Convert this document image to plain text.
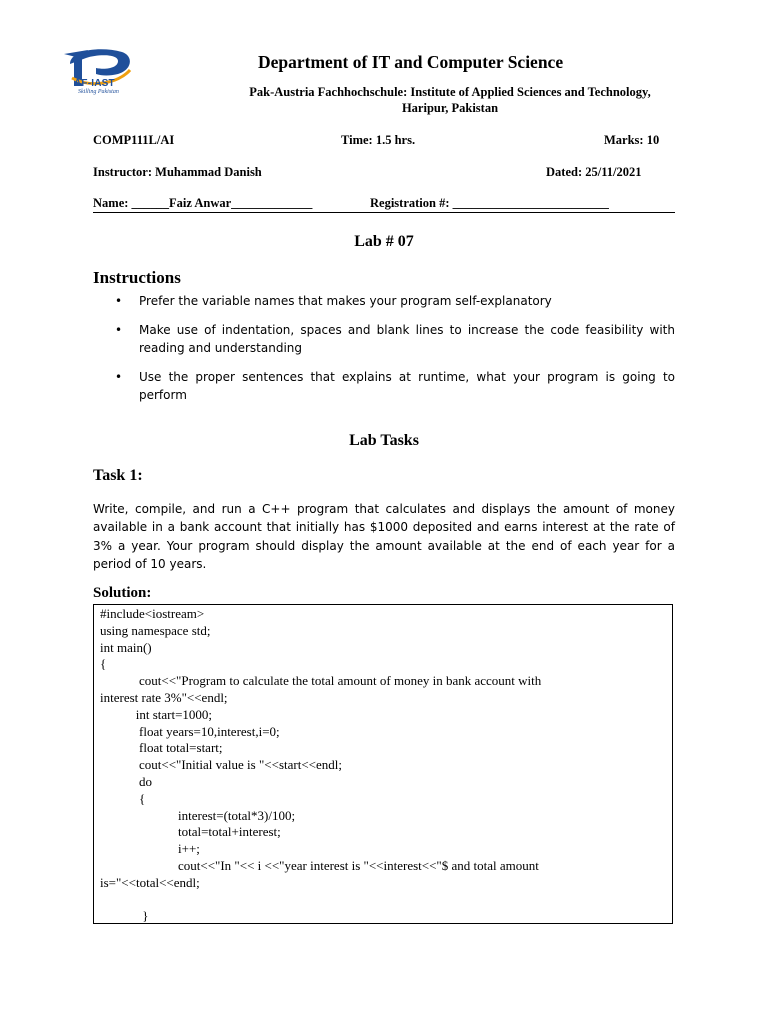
AF-IAST
Skilling Pakistan
Department of IT and Computer Science
Pak-Austria Fachhochschule: Institute of Applied Sciences and Technology,
Haripur, Pakistan
COMP111L/AI	Time: 1.5 hrs.	Marks: 10
Instructor: Muhammad Danish	Dated: 25/11/2021
Name: ______Faiz Anwar_____________	Registration #: _________________________
Lab # 07
Instructions
• Prefer the variable names that makes your program self-explanatory
• Make use of indentation, spaces and blank lines to increase the code feasibility with reading and understanding
• Use the proper sentences that explains at runtime, what your program is going to perform
Lab Tasks
Task 1:

Write, compile, and run a C++ program that calculates and displays the amount of money available in a bank account that initially has $1000 deposited and earns interest at the rate of 3% a year. Your program should display the amount available at the end of each year for a period of 10 years.

Solution:
#include<iostream>
using namespace std;
int main()
{
cout<<"Program to calculate the total amount of money in bank account with
interest rate 3%"<<endl;
int start=1000;
float years=10,interest,i=0;
float total=start;
cout<<"Initial value is "<<start<<endl;
do
{
interest=(total*3)/100;
total=total+interest;
i++;
cout<<"In "<< i <<"year interest is "<<interest<<"$ and total amount
is="<<total<<endl;

}
